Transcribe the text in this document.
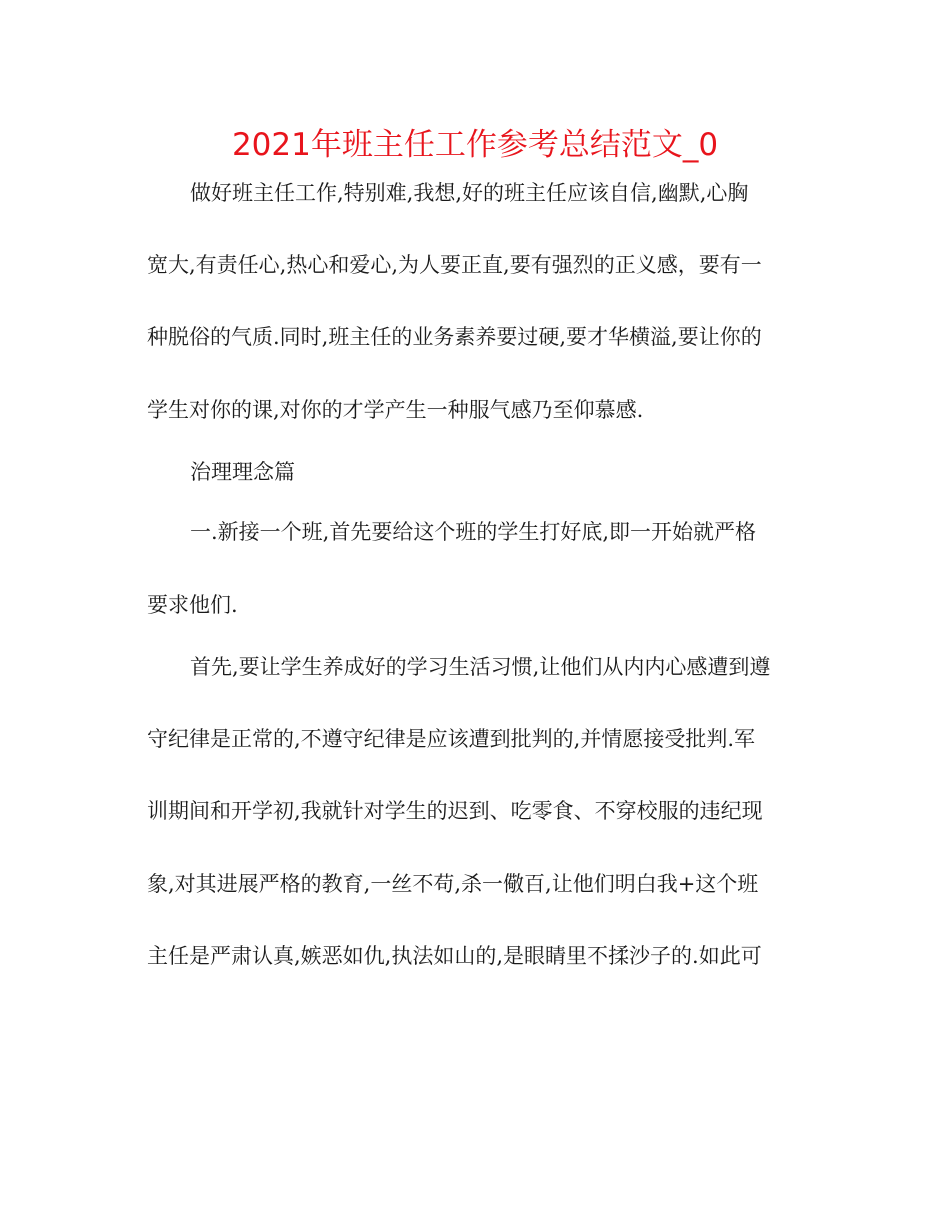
2021年班主任工作参考总结范文_0
做好班主任工作,特别难,我想,好的班主任应该自信,幽默,心胸
宽大,有责任心,热心和爱心,为人要正直,要有强烈的正义感，要有一
种脱俗的气质.同时,班主任的业务素养要过硬,要才华横溢,要让你的
学生对你的课,对你的才学产生一种服气感乃至仰慕感.
治理理念篇
一.新接一个班,首先要给这个班的学生打好底,即一开始就严格
要求他们.
首先,要让学生养成好的学习生活习惯,让他们从内内心感遭到遵
守纪律是正常的,不遵守纪律是应该遭到批判的,并情愿接受批判.军
训期间和开学初,我就针对学生的迟到、吃零食、不穿校服的违纪现
象,对其进展严格的教育,一丝不苟,杀一儆百,让他们明白我+这个班
主任是严肃认真,嫉恶如仇,执法如山的,是眼睛里不揉沙子的.如此可
